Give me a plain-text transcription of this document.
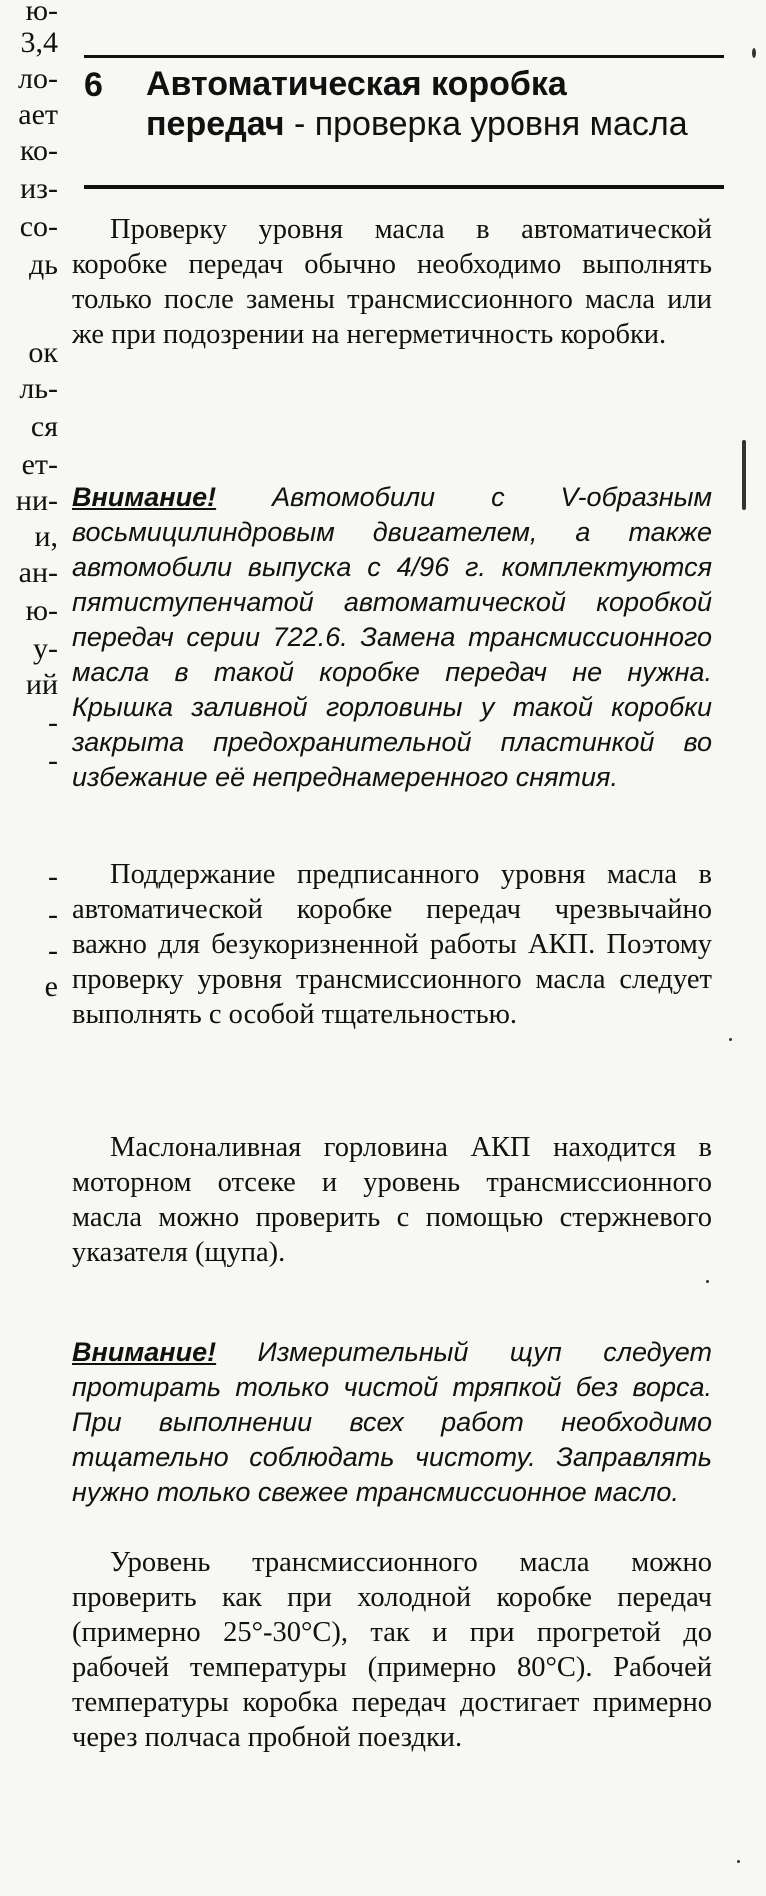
ю-

3,4

ло-

ает

ко-

из-

со-

дь

ок

ль-

ся

ет-

ни-

и,

ан-

ю-

у-

ий

-

-

-

-

-

е

6 Автоматическая коробка передач - проверка уровня масла

Проверку уровня масла в автоматической коробке передач обычно необходимо выполнять только после замены трансмиссионного масла или же при подозрении на негерметичность коробки.

Внимание! Автомобили с V-образным восьмицилиндровым двигателем, а также автомобили выпуска с 4/96 г. комплектуются пятиступенчатой автоматической коробкой передач серии 722.6. Замена трансмиссионного масла в такой коробке передач не нужна. Крышка заливной горловины у такой коробки закрыта предохранительной пластинкой во избежание её непреднамеренного снятия.

Поддержание предписанного уровня масла в автоматической коробке передач чрезвычайно важно для безукоризненной работы АКП. Поэтому проверку уровня трансмиссионного масла следует выполнять с особой тщательностью.

Маслоналивная горловина АКП находится в моторном отсеке и уровень трансмиссионного масла можно проверить с помощью стержневого указателя (щупа).

Внимание! Измерительный щуп следует протирать только чистой тряпкой без ворса. При выполнении всех работ необходимо тщательно соблюдать чистоту. Заправлять нужно только свежее трансмиссионное масло.

Уровень трансмиссионного масла можно проверить как при холодной коробке передач (примерно 25°-30°C), так и при прогретой до рабочей температуры (примерно 80°C). Рабочей температуры коробка передач достигает примерно через полчаса пробной поездки.
